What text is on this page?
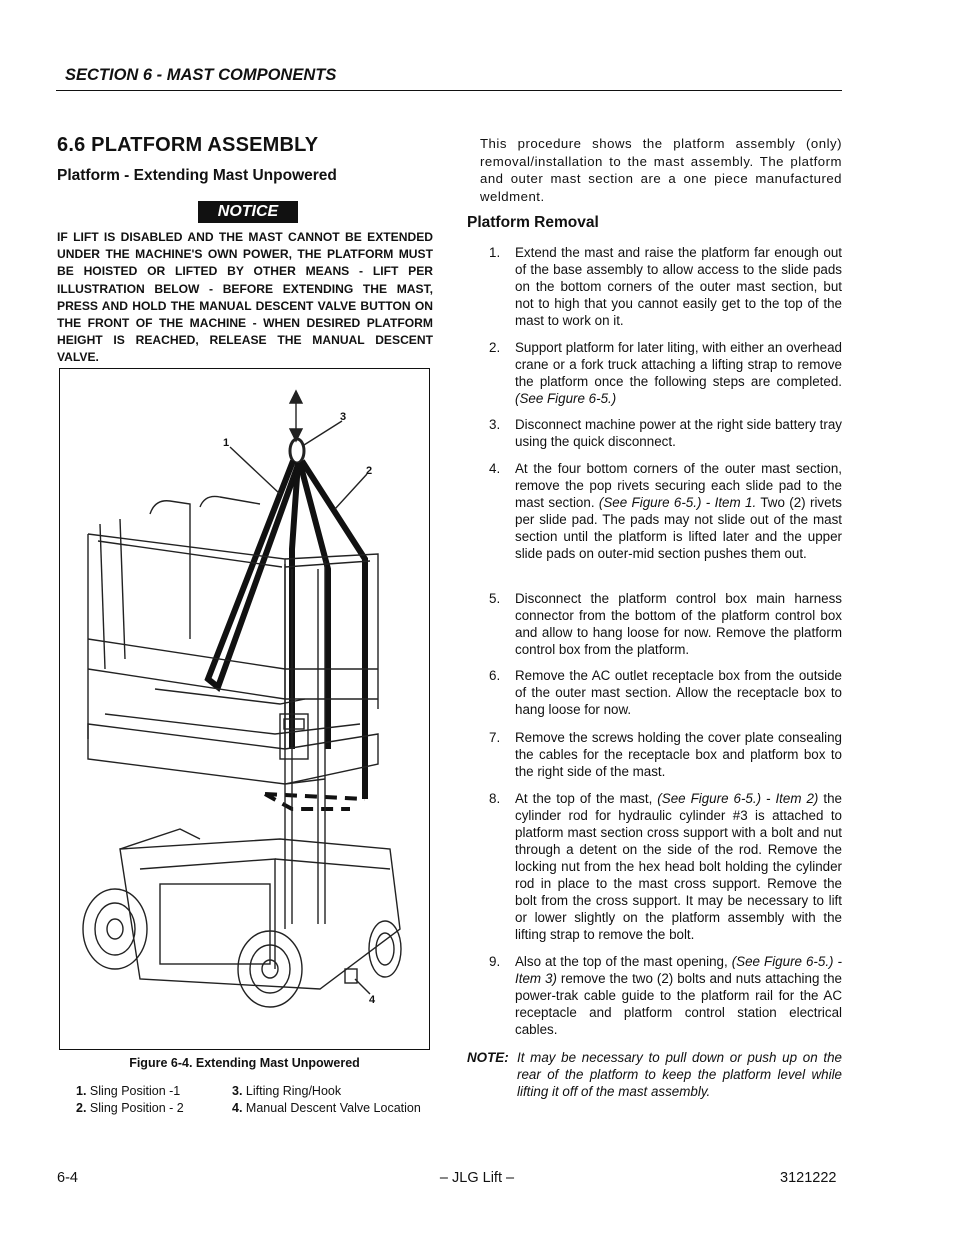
SECTION 6 - MAST COMPONENTS
6.6 PLATFORM ASSEMBLY
Platform - Extending Mast Unpowered
NOTICE
IF LIFT IS DISABLED AND THE MAST CANNOT BE EXTENDED UNDER THE MACHINE'S OWN POWER, THE PLATFORM MUST BE HOISTED OR LIFTED BY OTHER MEANS - LIFT PER ILLUSTRATION BELOW - BEFORE EXTENDING THE MAST, PRESS AND HOLD THE MANUAL DESCENT VALVE BUTTON ON THE FRONT OF THE MACHINE - WHEN DESIRED PLATFORM HEIGHT IS REACHED, RELEASE THE MANUAL DESCENT VALVE.
1
2
3
4
Figure 6-4. Extending Mast Unpowered
1. Sling Position -1
2. Sling Position - 2
3. Lifting Ring/Hook
4. Manual Descent Valve Location
This procedure shows the platform assembly (only) removal/installation to the mast assembly. The platform and outer mast section are a one piece manufactured weldment.
Platform Removal
1. Extend the mast and raise the platform far enough out of the base assembly to allow access to the slide pads on the bottom corners of the outer mast section, but not to high that you cannot easily get to the top of the mast to work on it.
2. Support platform for later liting, with either an overhead crane or a fork truck attaching a lifting strap to remove the platform once the following steps are completed. (See Figure 6-5.)
3. Disconnect machine power at the right side battery tray using the quick disconnect.
4. At the four bottom corners of the outer mast section, remove the pop rivets securing each slide pad to the mast section. (See Figure 6-5.) - Item 1. Two (2) rivets per slide pad. The pads may not slide out of the mast section until the platform is lifted later and the upper slide pads on outer-mid section pushes them out.
5. Disconnect the platform control box main harness connector from the bottom of the platform control box and allow to hang loose for now. Remove the platform control box from the platform.
6. Remove the AC outlet receptacle box from the outside of the outer mast section. Allow the receptacle box to hang loose for now.
7. Remove the screws holding the cover plate consealing the cables for the receptacle box and platform box to the right side of the mast.
8. At the top of the mast, (See Figure 6-5.) - Item 2) the cylinder rod for hydraulic cylinder #3 is attached to platform mast section cross support with a bolt and nut through a detent on the side of the rod. Remove the locking nut from the hex head bolt holding the cylinder rod in place to the mast cross support. Remove the bolt from the cross support. It may be necessary to lift or lower slightly on the platform assembly with the lifting strap to remove the bolt.
9. Also at the top of the mast opening, (See Figure 6-5.) - Item 3) remove the two (2) bolts and nuts attaching the power-trak cable guide to the platform rail for the AC receptacle and platform control station electrical cables.
NOTE: It may be necessary to pull down or push up on the rear of the platform to keep the platform level while lifting it off of the mast assembly.
6-4	– JLG Lift –	3121222
